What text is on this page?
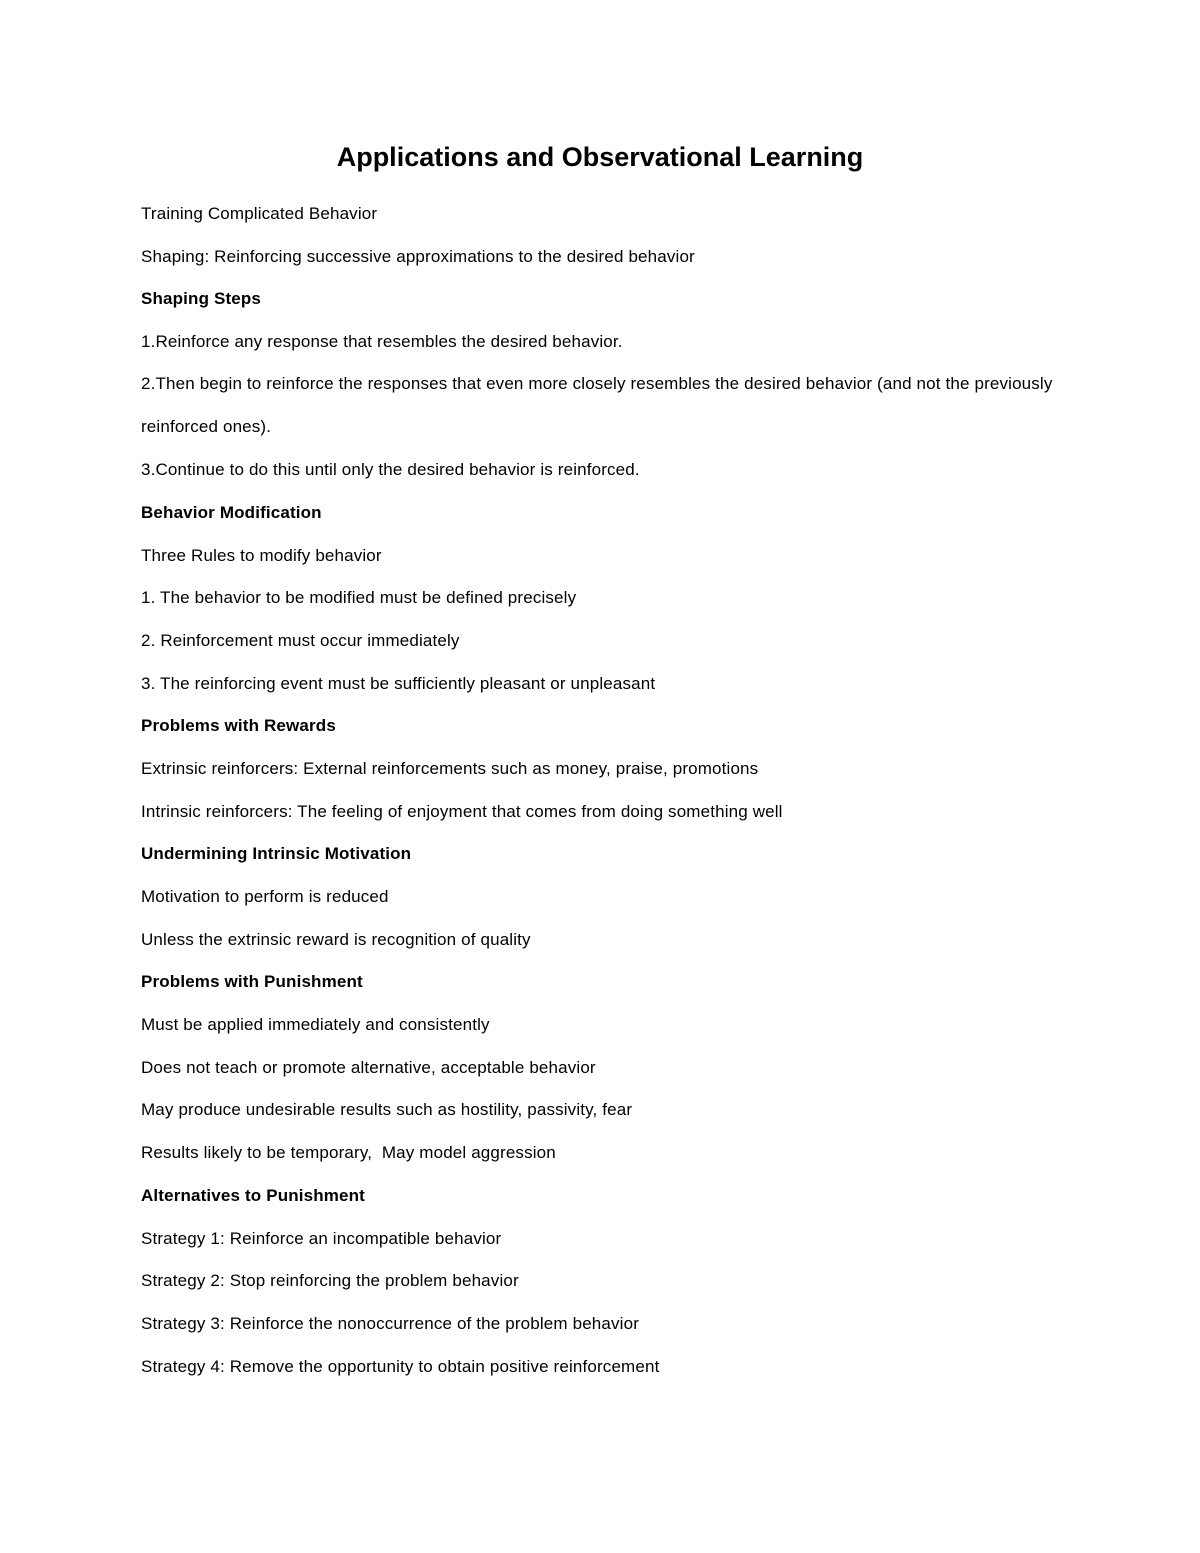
Applications and Observational Learning

Training Complicated Behavior

Shaping: Reinforcing successive approximations to the desired behavior

Shaping Steps

1.Reinforce any response that resembles the desired behavior.

2.Then begin to reinforce the responses that even more closely resembles the desired behavior (and not the previously reinforced ones).

3.Continue to do this until only the desired behavior is reinforced.

Behavior Modification

Three Rules to modify behavior

1. The behavior to be modified must be defined precisely

2. Reinforcement must occur immediately

3. The reinforcing event must be sufficiently pleasant or unpleasant

Problems with Rewards

Extrinsic reinforcers: External reinforcements such as money, praise, promotions

Intrinsic reinforcers: The feeling of enjoyment that comes from doing something well

Undermining Intrinsic Motivation

Motivation to perform is reduced

Unless the extrinsic reward is recognition of quality

Problems with Punishment

Must be applied immediately and consistently

Does not teach or promote alternative, acceptable behavior

May produce undesirable results such as hostility, passivity, fear

Results likely to be temporary,  May model aggression

Alternatives to Punishment

Strategy 1: Reinforce an incompatible behavior

Strategy 2: Stop reinforcing the problem behavior

Strategy 3: Reinforce the nonoccurrence of the problem behavior

Strategy 4: Remove the opportunity to obtain positive reinforcement
